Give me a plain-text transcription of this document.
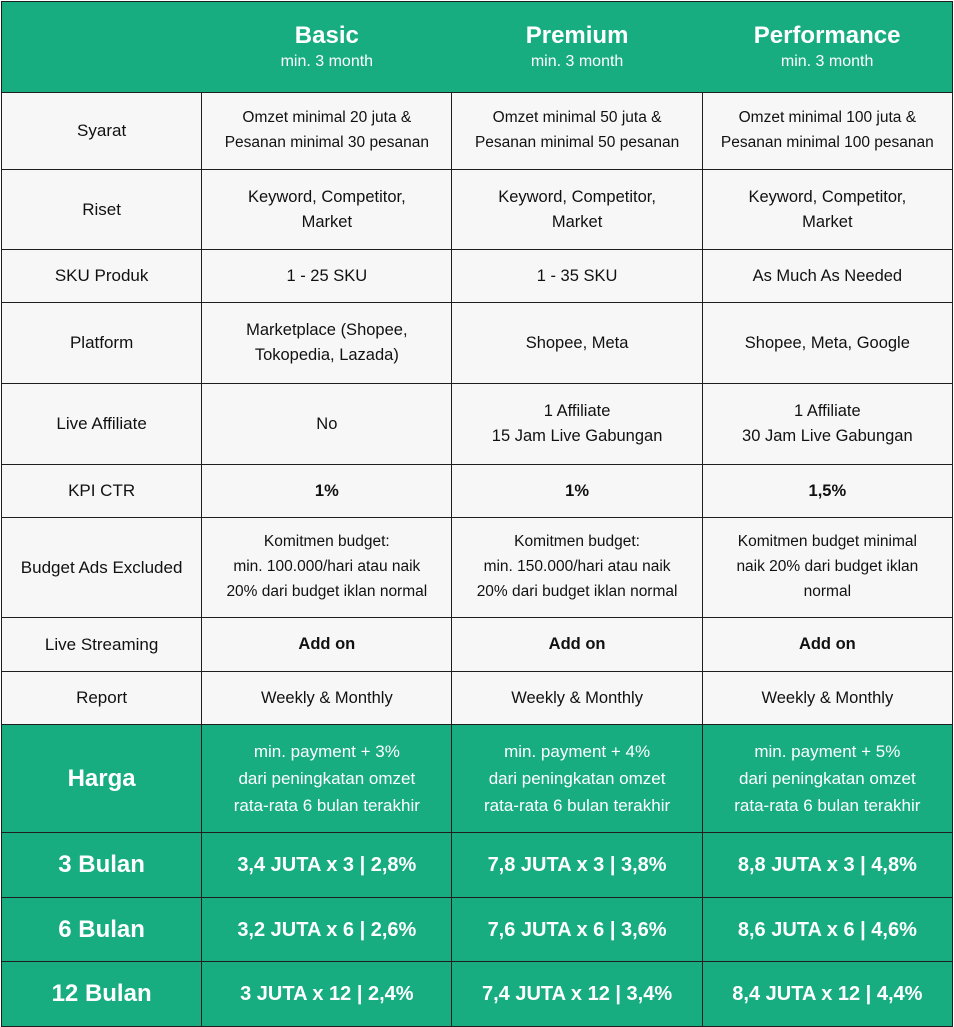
	Basic
min. 3 month	Premium
min. 3 month	Performance
min. 3 month

Syarat	Omzet minimal 20 juta &
Pesanan minimal 30 pesanan	Omzet minimal 50 juta &
Pesanan minimal 50 pesanan	Omzet minimal 100 juta &
Pesanan minimal 100 pesanan

Riset	Keyword, Competitor,
Market	Keyword, Competitor,
Market	Keyword, Competitor,
Market

SKU Produk	1 - 25 SKU	1 - 35 SKU	As Much As Needed
Platform	Marketplace (Shopee,
Tokopedia, Lazada)	Shopee, Meta	Shopee, Meta, Google

Live Affiliate	No	1 Affiliate
15 Jam Live Gabungan	1 Affiliate
30 Jam Live Gabungan

KPI CTR	1%	1%	1,5%
Budget Ads Excluded	Komitmen budget:
min. 100.000/hari atau naik
20% dari budget iklan normal	Komitmen budget:
min. 150.000/hari atau naik
20% dari budget iklan normal	Komitmen budget minimal
naik 20% dari budget iklan
normal

Live Streaming	Add on	Add on	Add on
Report	Weekly & Monthly	Weekly & Monthly	Weekly & Monthly
Harga	min. payment + 3%
dari peningkatan omzet
rata-rata 6 bulan terakhir	min. payment + 4%
dari peningkatan omzet
rata-rata 6 bulan terakhir	min. payment + 5%
dari peningkatan omzet
rata-rata 6 bulan terakhir

3 Bulan	3,4 JUTA x 3 | 2,8%	7,8 JUTA x 3 | 3,8%	8,8 JUTA x 3 | 4,8%
6 Bulan	3,2 JUTA x 6 | 2,6%	7,6 JUTA x 6 | 3,6%	8,6 JUTA x 6 | 4,6%
12 Bulan	3 JUTA x 12 | 2,4%	7,4 JUTA x 12 | 3,4%	8,4 JUTA x 12 | 4,4%
